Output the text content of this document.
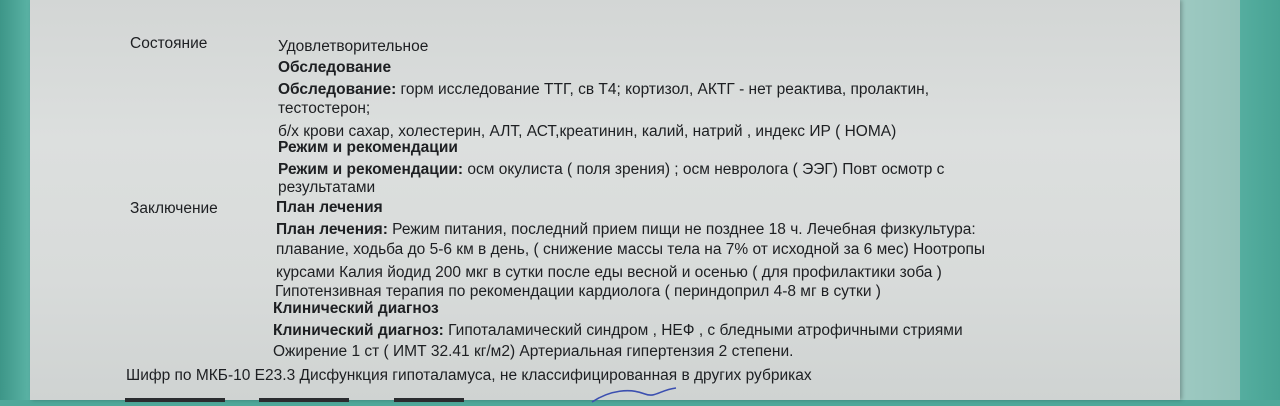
Состояние	Удовлетворительное
Обследование
Обследование: горм исследование ТТГ, св Т4; кортизол, АКТГ - нет реактива, пролактин,
тестостерон;
б/х крови сахар, холестерин, АЛТ, АСТ,креатинин, калий, натрий , индекс ИР ( НОМА)
Режим и рекомендации
Режим и рекомендации: осм окулиста ( поля зрения) ; осм невролога ( ЭЭГ) Повт осмотр с
результатами
Заключение	План лечения
План лечения: Режим питания, последний прием пищи не позднее 18 ч. Лечебная физкультура:
плавание, ходьба до 5-6 км в день, ( снижение массы тела на 7% от исходной за 6 мес) Ноотропы
курсами Калия йодид 200 мкг в сутки после еды весной и осенью ( для профилактики зоба )
Гипотензивная терапия по рекомендации кардиолога ( периндоприл 4-8 мг в сутки )
Клинический диагноз
Клинический диагноз: Гипоталамический синдром , НЕФ , с бледными атрофичными стриями
Ожирение 1 ст ( ИМТ 32.41 кг/м2) Артериальная гипертензия 2 степени.
Шифр по МКБ-10 E23.3 Дисфункция гипоталамуса, не классифицированная в других рубриках
